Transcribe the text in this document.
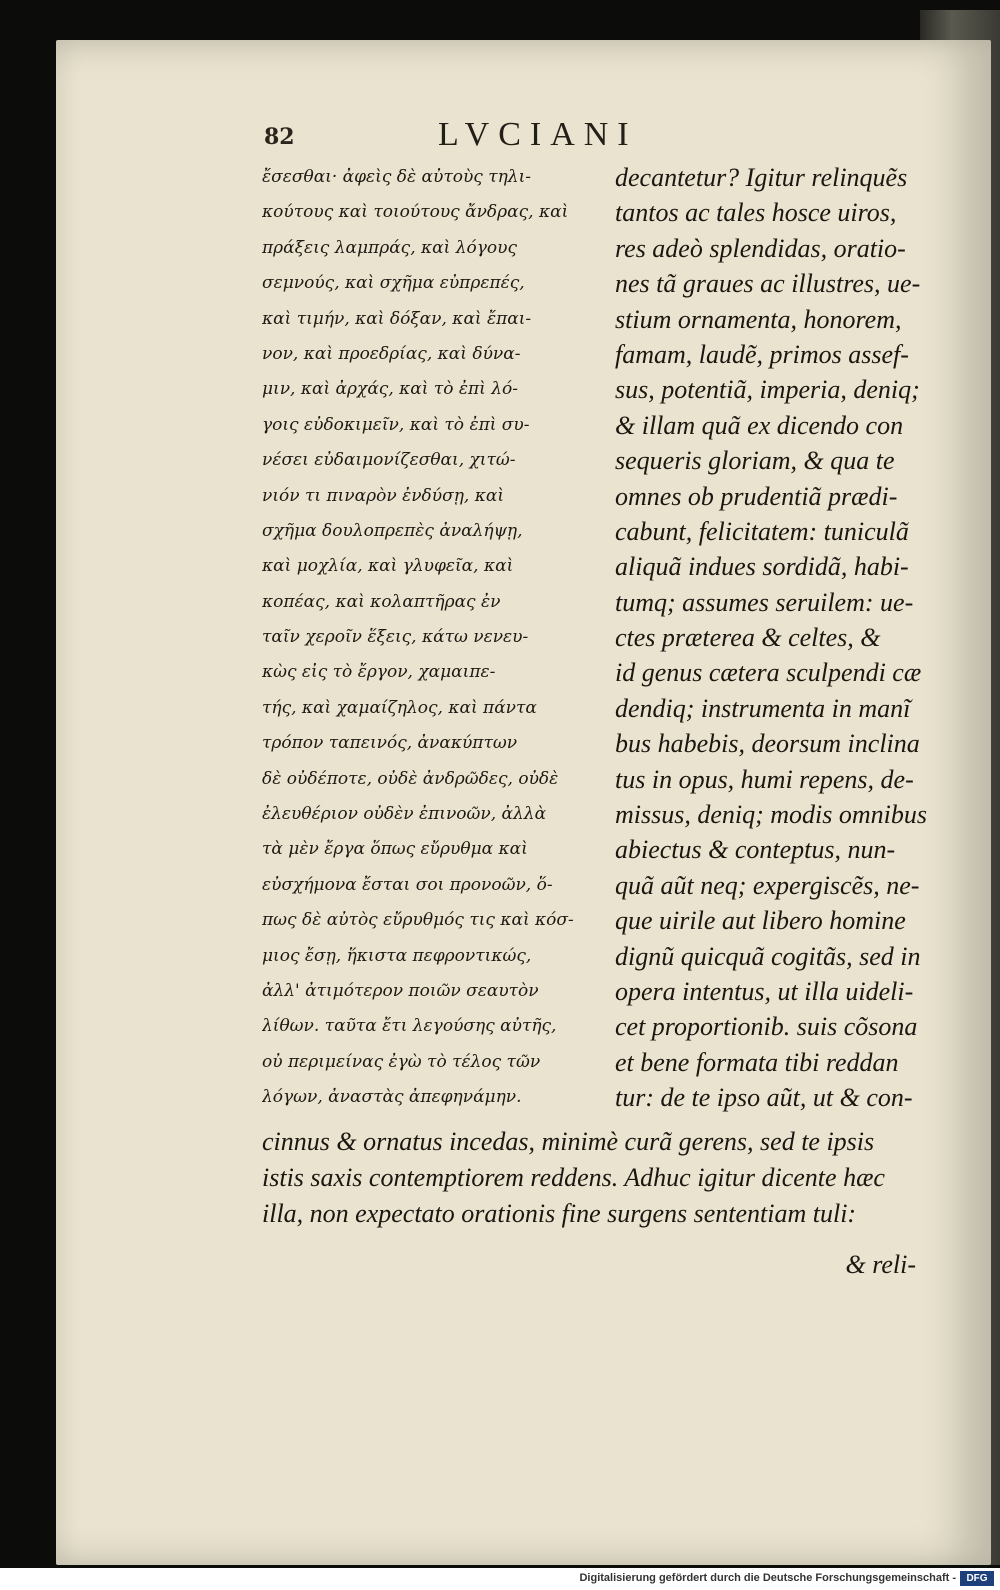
82	LVCIANI
ἔσεσθαι· ἀφεὶς δὲ αὐτοὺς τηλι-
κούτους καὶ τοιούτους ἄνδρας, καὶ
πράξεις λαμπράς, καὶ λόγους
σεμνούς, καὶ σχῆμα εὐπρεπές,
καὶ τιμήν, καὶ δόξαν, καὶ ἔπαι-
νον, καὶ προεδρίας, καὶ δύνα-
μιν, καὶ ἀρχάς, καὶ τὸ ἐπὶ λό-
γοις εὐδοκιμεῖν, καὶ τὸ ἐπὶ συ-
νέσει εὐδαιμονίζεσθαι, χιτώ-
νιόν τι πιναρὸν ἐνδύσῃ, καὶ
σχῆμα δουλοπρεπὲς ἀναλήψῃ,
καὶ μοχλία, καὶ γλυφεῖα, καὶ
κοπέας, καὶ κολαπτῆρας ἐν
ταῖν χεροῖν ἕξεις, κάτω νενευ-
κὼς εἰς τὸ ἔργον, χαμαιπε-
τής, καὶ χαμαίζηλος, καὶ πάντα
τρόπον ταπεινός, ἀνακύπτων
δὲ οὐδέποτε, οὐδὲ ἀνδρῶδες, οὐδὲ
ἐλευθέριον οὐδὲν ἐπινοῶν, ἀλλὰ
τὰ μὲν ἔργα ὅπως εὔρυθμα καὶ
εὐσχήμονα ἔσται σοι προνοῶν, ὅ-
πως δὲ αὐτὸς εὔρυθμός τις καὶ κόσ-
μιος ἔσῃ, ἥκιστα πεφροντικώς,
ἀλλ' ἀτιμότερον ποιῶν σεαυτὸν
λίθων. ταῦτα ἔτι λεγούσης αὐτῆς,
οὐ περιμείνας ἐγὼ τὸ τέλος τῶν
λόγων, ἀναστὰς ἀπεφηνάμην.
decantetur? Igitur relinquẽs
tantos ac tales hosce uiros,
res adeò splendidas, oratio-
nes tã graues ac illustres, ue-
stium ornamenta, honorem,
famam, laudẽ, primos assef-
sus, potentiã, imperia, deniq;
& illam quã ex dicendo con
sequeris gloriam, & qua te
omnes ob prudentiã prædi-
cabunt, felicitatem: tuniculã
aliquã indues sordidã, habi-
tumq; assumes seruilem: ue-
ctes præterea & celtes, &
id genus cætera sculpendi cæ
dendiq; instrumenta in manĩ
bus habebis, deorsum inclina
tus in opus, humi repens, de-
missus, deniq; modis omnibus
abiectus & conteptus, nun-
quã aũt neq; expergiscẽs, ne-
que uirile aut libero homine
dignũ quicquã cogitãs, sed in
opera intentus, ut illa uideli-
cet proportionib. suis cõsona
et bene formata tibi reddan
tur: de te ipso aũt, ut & con-
cinnus & ornatus incedas, minimè curã gerens, sed te ipsis
istis saxis contemptiorem reddens. Adhuc igitur dicente hæc
illa, non expectato orationis fine surgens sententiam tuli:
& reli-
Digitalisierung gefördert durch die Deutsche Forschungsgemeinschaft -	DFG
